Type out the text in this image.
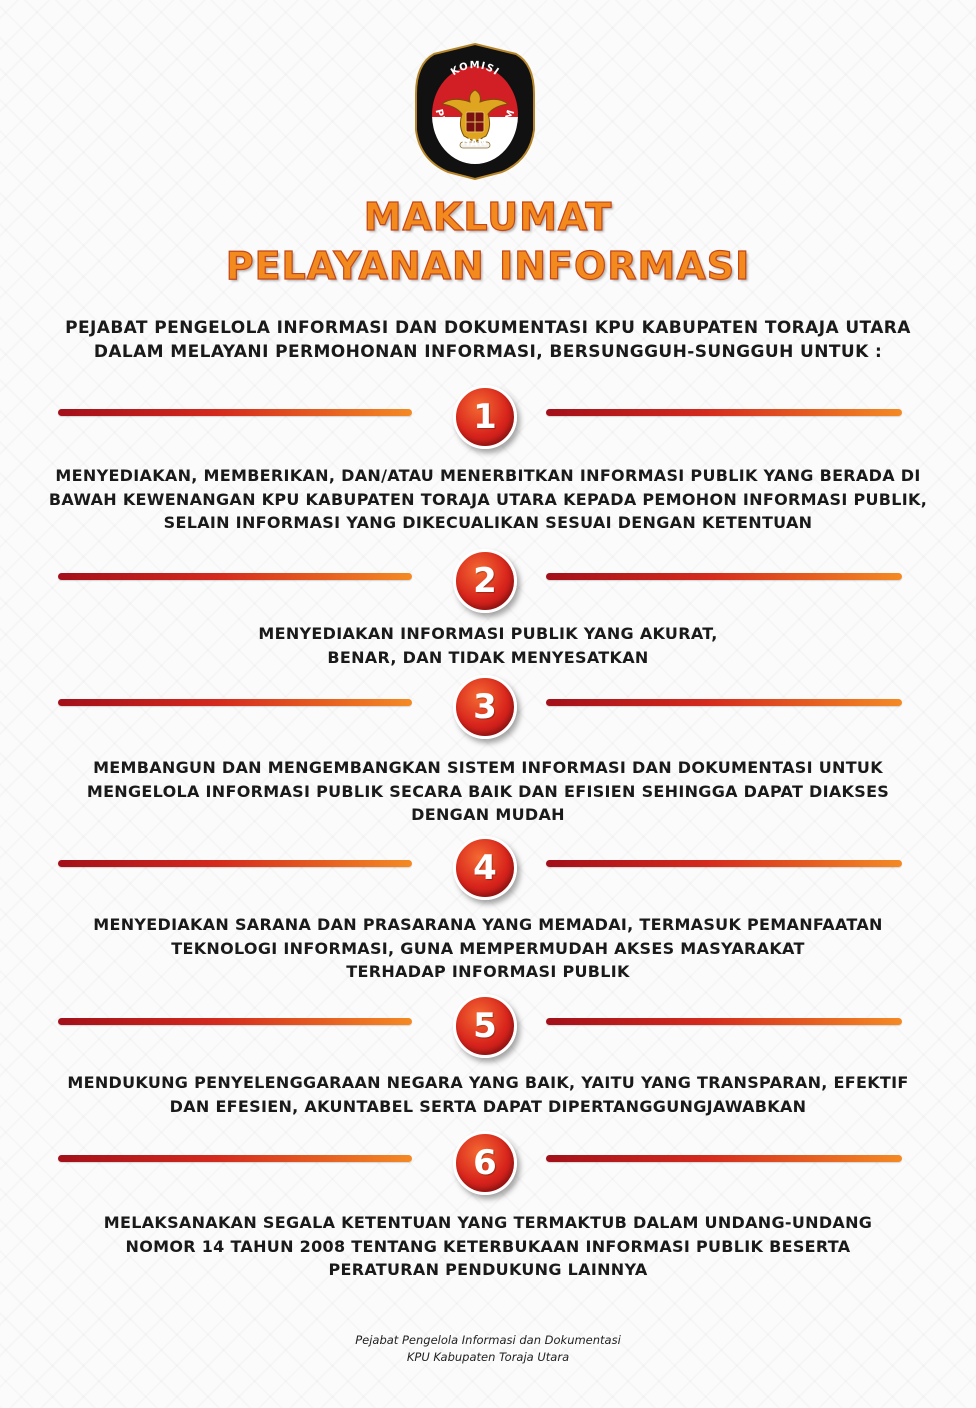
KOMISI
PEMILIHAN UMUM
MAKLUMAT
PELAYANAN INFORMASI
PEJABAT PENGELOLA INFORMASI DAN DOKUMENTASI KPU KABUPATEN TORAJA UTARA
DALAM MELAYANI PERMOHONAN INFORMASI, BERSUNGGUH-SUNGGUH UNTUK :
1
MENYEDIAKAN, MEMBERIKAN, DAN/ATAU MENERBITKAN INFORMASI PUBLIK YANG BERADA DI
BAWAH KEWENANGAN KPU KABUPATEN TORAJA UTARA KEPADA PEMOHON INFORMASI PUBLIK,
SELAIN INFORMASI YANG DIKECUALIKAN SESUAI DENGAN KETENTUAN
2
MENYEDIAKAN INFORMASI PUBLIK YANG AKURAT,
BENAR, DAN TIDAK MENYESATKAN
3
MEMBANGUN DAN MENGEMBANGKAN SISTEM INFORMASI DAN DOKUMENTASI UNTUK
MENGELOLA INFORMASI PUBLIK SECARA BAIK DAN EFISIEN SEHINGGA DAPAT DIAKSES
DENGAN MUDAH
4
MENYEDIAKAN SARANA DAN PRASARANA YANG MEMADAI, TERMASUK PEMANFAATAN
TEKNOLOGI INFORMASI, GUNA MEMPERMUDAH AKSES MASYARAKAT
TERHADAP INFORMASI PUBLIK
5
MENDUKUNG PENYELENGGARAAN NEGARA YANG BAIK, YAITU YANG TRANSPARAN, EFEKTIF
DAN EFESIEN, AKUNTABEL SERTA DAPAT DIPERTANGGUNGJAWABKAN
6
MELAKSANAKAN SEGALA KETENTUAN YANG TERMAKTUB DALAM UNDANG-UNDANG
NOMOR 14 TAHUN 2008 TENTANG KETERBUKAAN INFORMASI PUBLIK BESERTA
PERATURAN PENDUKUNG LAINNYA
Pejabat Pengelola Informasi dan Dokumentasi
KPU Kabupaten Toraja Utara
